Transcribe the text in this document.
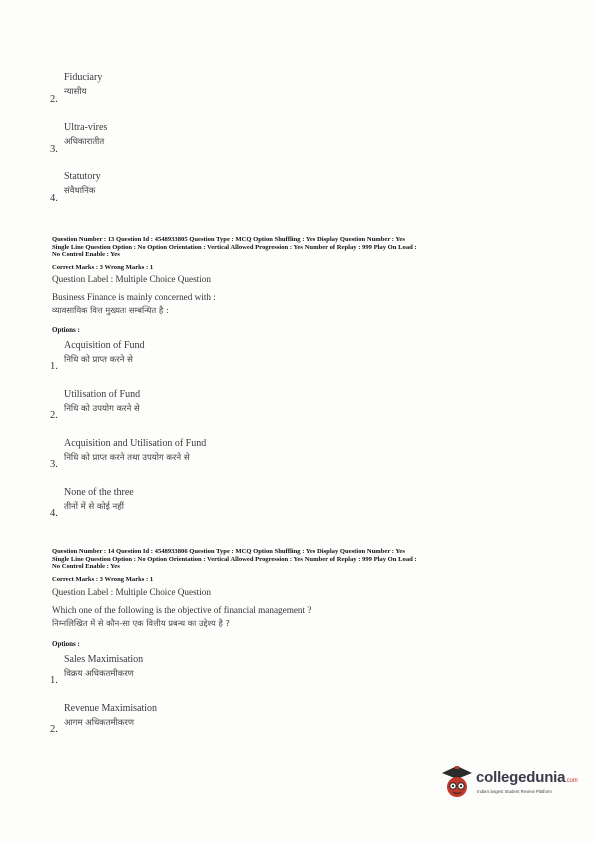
Fiduciary
न्यासीय
2.
Ultra-vires
अधिकारातीत
3.
Statutory
संवैधानिक
4.
Question Number : 13 Question Id : 4548933805 Question Type : MCQ Option Shuffling : Yes Display Question Number : Yes
Single Line Question Option : No Option Orientation : Vertical Allowed Progression : Yes Number of Replay : 999 Play On Load :
No Control Enable : Yes
Correct Marks : 3 Wrong Marks : 1
Question Label : Multiple Choice Question
Business Finance is mainly concerned with :
व्यावसायिक वित्त मुख्यतः सम्बन्धित है :
Options :
Acquisition of Fund
निधि को प्राप्त करने से
1.
Utilisation of Fund
निधि को उपयोग करने से
2.
Acquisition and Utilisation of Fund
निधि को प्राप्त करने तथा उपयोग करने से
3.
None of the three
तीनों में से कोई नहीं
4.
Question Number : 14 Question Id : 4548933806 Question Type : MCQ Option Shuffling : Yes Display Question Number : Yes
Single Line Question Option : No Option Orientation : Vertical Allowed Progression : Yes Number of Replay : 999 Play On Load :
No Control Enable : Yes
Correct Marks : 3 Wrong Marks : 1
Question Label : Multiple Choice Question
Which one of the following is the objective of financial management ?
निम्नलिखित में से कौन-सा एक वित्तीय प्रबन्ध का उद्देश्य है ?
Options :
Sales Maximisation
विक्रय अधिकतमीकरण
1.
Revenue Maximisation
आगम अधिकतमीकरण
2.
collegedunia.com
India's largest Student Review Platform
